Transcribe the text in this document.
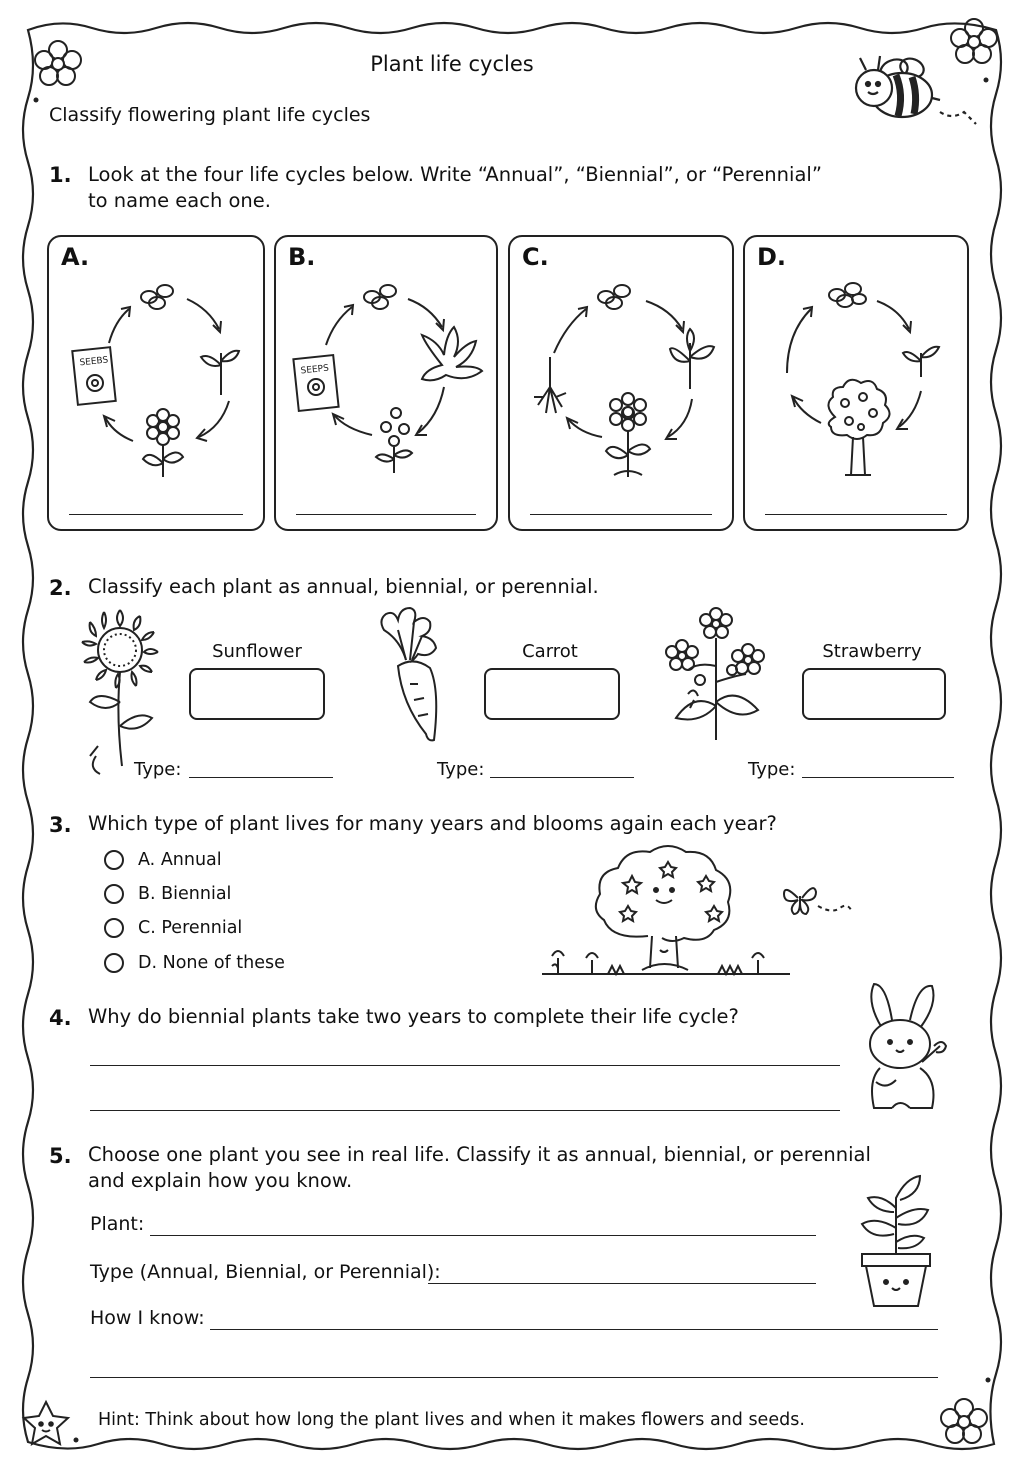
Plant life cycles
Classify flowering plant life cycles
1. Look at the four life cycles below. Write “Annual”, “Biennial”, or “Perennial”
to name each one.
A.
SEEBS
B.
SEEPS
C.	D.
2. Classify each plant as annual, biennial, or perennial.
Sunflower
Type:
Carrot
Type:
Strawberry
Type:
3. Which type of plant lives for many years and blooms again each year?
A.
Annual
B.
Biennial
C.
Perennial
D.
None of these
4. Why do biennial plants take two years to complete their life cycle?
5. Choose one plant you see in real life. Classify it as annual, biennial, or perennial
and explain how you know.
Plant:
Type (Annual, Biennial, or Perennial):
How I know:
Hint: Think about how long the plant lives and when it makes flowers and seeds.
